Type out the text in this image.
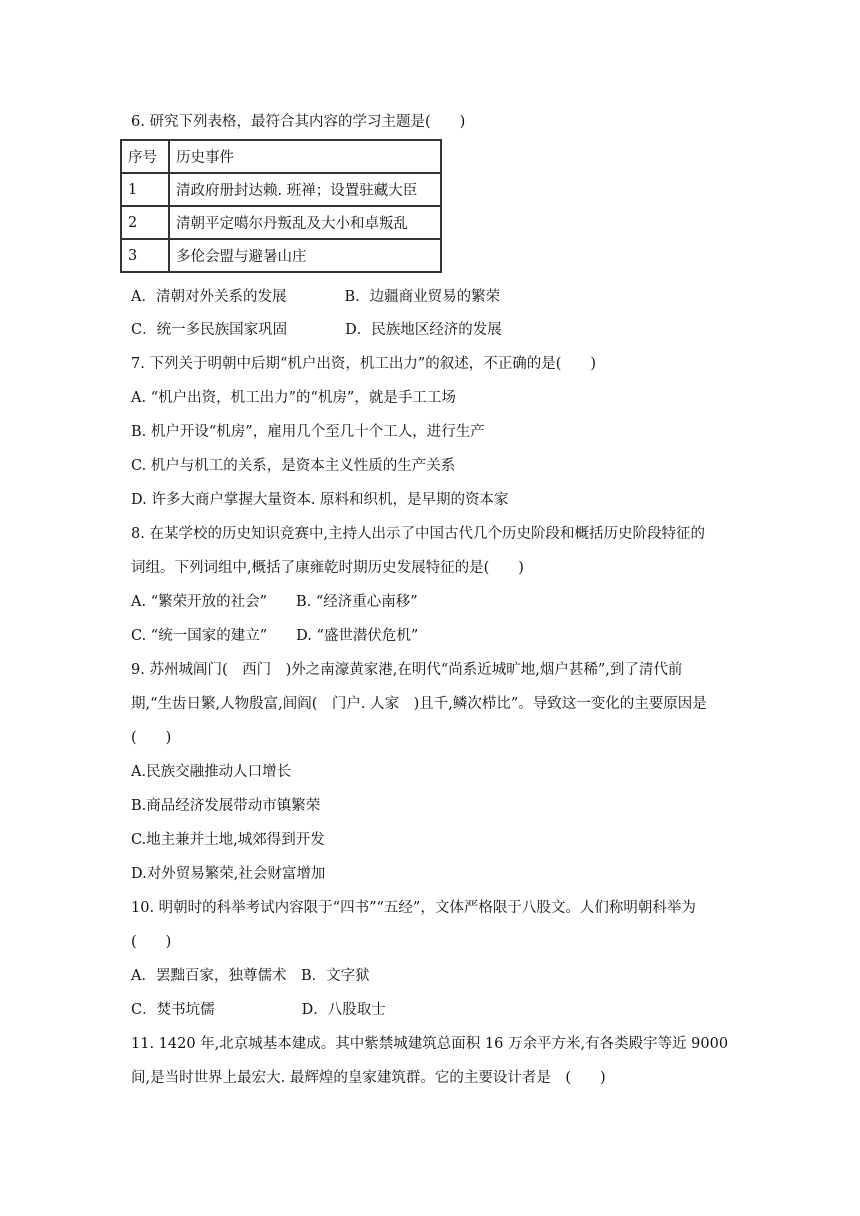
6. 研究下列表格，最符合其内容的学习主题是(　　)
序号	历史事件
1	清政府册封达赖. 班禅；设置驻藏大臣
2	清朝平定噶尔丹叛乱及大小和卓叛乱
3	多伦会盟与避暑山庄
A．清朝对外关系的发展　　　　B．边疆商业贸易的繁荣
C．统一多民族国家巩固　　　　D．民族地区经济的发展
7. 下列关于明朝中后期“机户出资，机工出力”的叙述，不正确的是(　　)
A. “机户出资，机工出力”的“机房”，就是手工工场
B. 机户开设“机房”，雇用几个至几十个工人，进行生产
C. 机户与机工的关系，是资本主义性质的生产关系
D. 许多大商户掌握大量资本. 原料和织机，是早期的资本家
8. 在某学校的历史知识竞赛中,主持人出示了中国古代几个历史阶段和概括历史阶段特征的
词组。下列词组中,概括了康雍乾时期历史发展特征的是(　　)
A. “繁荣开放的社会”　　B. “经济重心南移”
C. “统一国家的建立”　　D. “盛世潜伏危机”
9. 苏州城阊门(　西门　)外之南濠黄家港,在明代“尚系近城旷地,烟户甚稀”,到了清代前
期,“生齿日繁,人物殷富,闾阎(　门户. 人家　)且千,鳞次栉比”。导致这一变化的主要原因是
(　　)
A.民族交融推动人口增长
B.商品经济发展带动市镇繁荣
C.地主兼并土地,城郊得到开发
D.对外贸易繁荣,社会财富增加
10. 明朝时的科举考试内容限于“四书”“五经”，文体严格限于八股文。人们称明朝科举为
(　　)
A．罢黜百家，独尊儒术　B．文字狱
C．焚书坑儒　　　　　　D．八股取士
11. 1420 年,北京城基本建成。其中紫禁城建筑总面积 16 万余平方米,有各类殿宇等近 9000
间,是当时世界上最宏大. 最辉煌的皇家建筑群。它的主要设计者是　(　　)
